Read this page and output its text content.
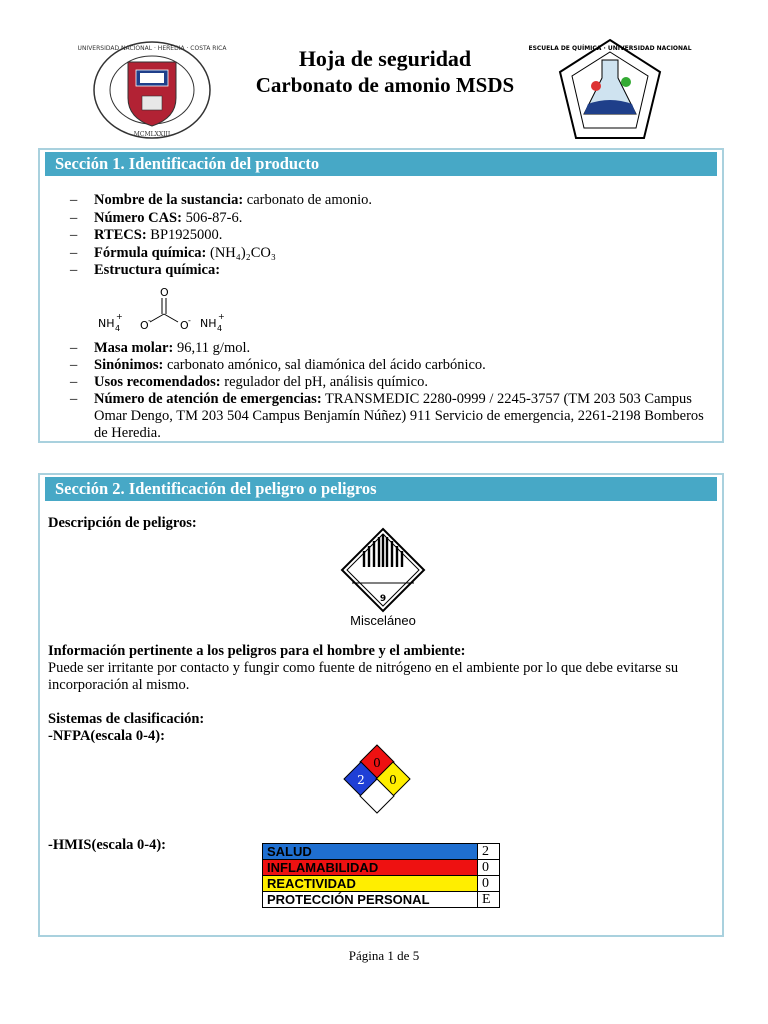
UNIVERSIDAD NACIONAL · HEREDIA · COSTA RICA
MCMLXXIII
ESCUELA DE QUÍMICA · UNIVERSIDAD NACIONAL
Hoja de seguridad
Carbonato de amonio MSDS
Sección 1. Identificación del producto
– Nombre de la sustancia: carbonato de amonio.
– Número CAS: 506-87-6.
– RTECS: BP1925000.
– Fórmula química: (NH₄)₂CO₃
– Estructura química:
O
O -	O -
NH 4
+
NH 4
+
– Masa molar: 96,11 g/mol.
– Sinónimos: carbonato amónico, sal diamónica del ácido carbónico.
– Usos recomendados: regulador del pH, análisis químico.
– Número de atención de emergencias: TRANSMEDIC 2280-0999 / 2245-3757 (TM 203 503 Campus Omar Dengo, TM 203 504 Campus Benjamín Núñez) 911 Servicio de emergencia, 2261-2198 Bomberos de Heredia.
Sección 2. Identificación del peligro o peligros
Descripción de peligros:
9
Misceláneo
Información pertinente a los peligros para el hombre y el ambiente:
Puede ser irritante por contacto y fungir como fuente de nitrógeno en el ambiente por lo que debe evitarse su incorporación al mismo.
Sistemas de clasificación:
-NFPA(escala 0-4):
0
2 0
-HMIS(escala 0-4):	SALUD	2
INFLAMABILIDAD	0
REACTIVIDAD	0
PROTECCIÓN PERSONAL	E
Página 1 de 5
